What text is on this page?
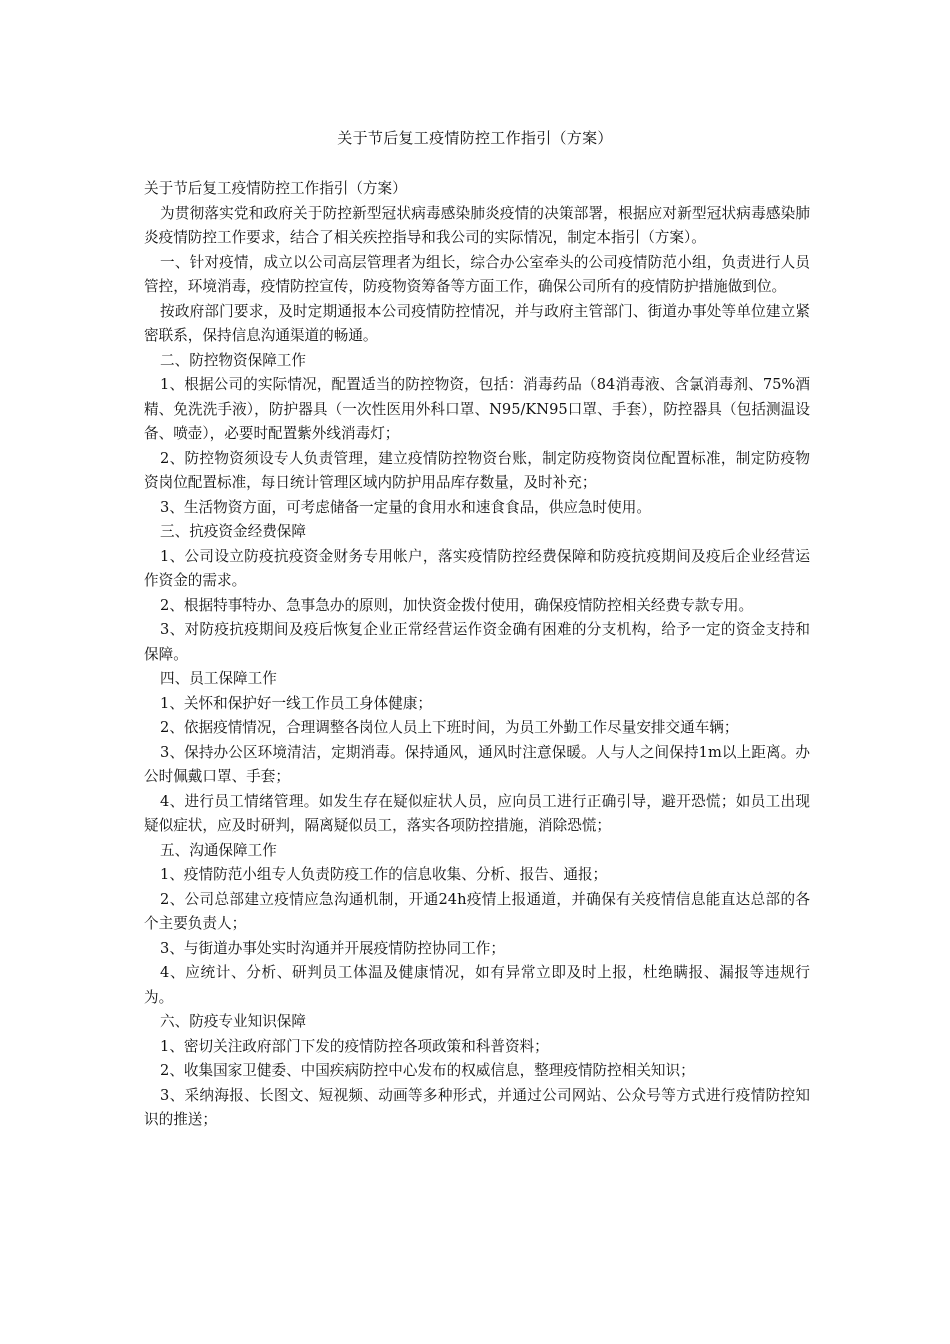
关于节后复工疫情防控工作指引（方案）

关于节后复工疫情防控工作指引（方案）

为贯彻落实党和政府关于防控新型冠状病毒感染肺炎疫情的决策部署，根据应对新型冠状病毒感染肺炎疫情防控工作要求，结合了相关疾控指导和我公司的实际情况，制定本指引（方案）。

一、针对疫情，成立以公司高层管理者为组长，综合办公室牵头的公司疫情防范小组，负责进行人员管控，环境消毒，疫情防控宣传，防疫物资筹备等方面工作，确保公司所有的疫情防护措施做到位。

按政府部门要求，及时定期通报本公司疫情防控情况，并与政府主管部门、街道办事处等单位建立紧密联系，保持信息沟通渠道的畅通。

二、防控物资保障工作

1、根据公司的实际情况，配置适当的防控物资，包括：消毒药品（84消毒液、含氯消毒剂、75%酒精、免洗洗手液），防护器具（一次性医用外科口罩、N95/KN95口罩、手套），防控器具（包括测温设备、喷壶），必要时配置紫外线消毒灯；

2、防控物资须设专人负责管理，建立疫情防控物资台账，制定防疫物资岗位配置标准，制定防疫物资岗位配置标准，每日统计管理区域内防护用品库存数量，及时补充；

3、生活物资方面，可考虑储备一定量的食用水和速食食品，供应急时使用。

三、抗疫资金经费保障

1、公司设立防疫抗疫资金财务专用帐户，落实疫情防控经费保障和防疫抗疫期间及疫后企业经营运作资金的需求。

2、根据特事特办、急事急办的原则，加快资金拨付使用，确保疫情防控相关经费专款专用。

3、对防疫抗疫期间及疫后恢复企业正常经营运作资金确有困难的分支机构，给予一定的资金支持和保障。

四、员工保障工作

1、关怀和保护好一线工作员工身体健康；

2、依据疫情情况，合理调整各岗位人员上下班时间，为员工外勤工作尽量安排交通车辆；

3、保持办公区环境清洁，定期消毒。保持通风，通风时注意保暖。人与人之间保持1m以上距离。办公时佩戴口罩、手套；

4、进行员工情绪管理。如发生存在疑似症状人员，应向员工进行正确引导，避开恐慌；如员工出现疑似症状，应及时研判，隔离疑似员工，落实各项防控措施，消除恐慌；

五、沟通保障工作

1、疫情防范小组专人负责防疫工作的信息收集、分析、报告、通报；

2、公司总部建立疫情应急沟通机制，开通24h疫情上报通道，并确保有关疫情信息能直达总部的各个主要负责人；

3、与街道办事处实时沟通并开展疫情防控协同工作；

4、应统计、分析、研判员工体温及健康情况，如有异常立即及时上报，杜绝瞒报、漏报等违规行为。

六、防疫专业知识保障

1、密切关注政府部门下发的疫情防控各项政策和科普资料；

2、收集国家卫健委、中国疾病防控中心发布的权威信息，整理疫情防控相关知识；

3、采纳海报、长图文、短视频、动画等多种形式，并通过公司网站、公众号等方式进行疫情防控知识的推送；
